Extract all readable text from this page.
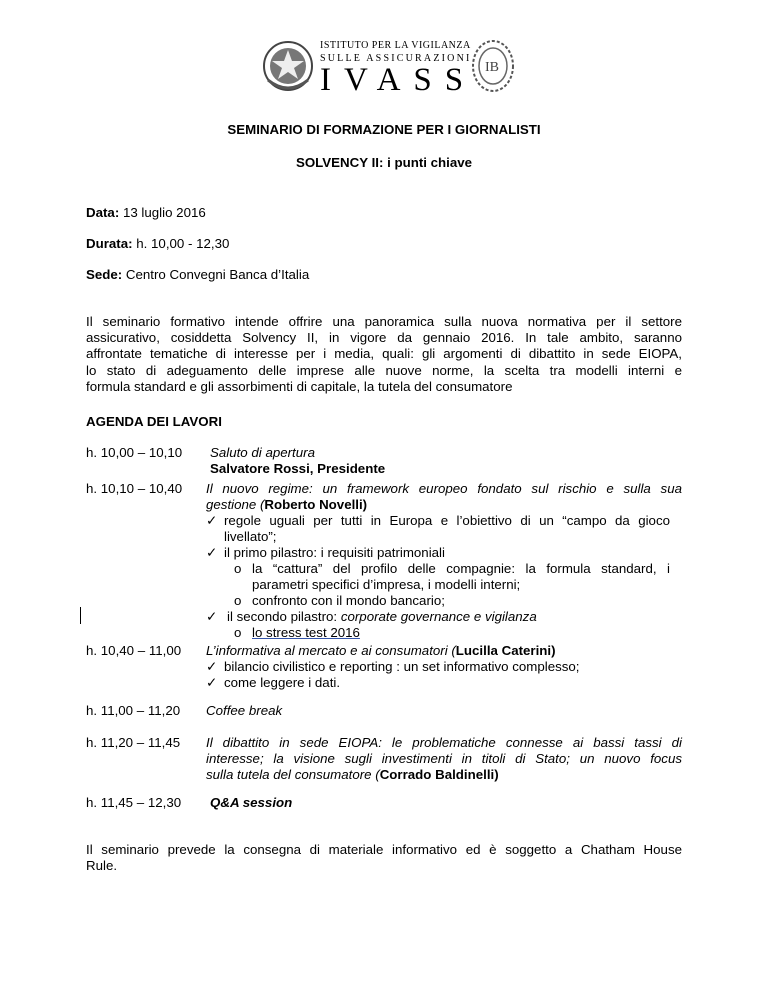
ISTITUTO PER LA VIGILANZA
SULLE ASSICURAZIONI
IVASS IB
SEMINARIO DI FORMAZIONE PER I GIORNALISTI
SOLVENCY II: i punti chiave
Data: 13 luglio 2016
Durata: h. 10,00 - 12,30
Sede: Centro Convegni Banca d’Italia
Il seminario formativo intende offrire una panoramica sulla nuova normativa per il settore
assicurativo, cosiddetta Solvency II, in vigore da gennaio 2016. In tale ambito, saranno
affrontate tematiche di interesse per i media, quali: gli argomenti di dibattito in sede EIOPA,
lo stato di adeguamento delle imprese alle nuove norme, la scelta tra modelli interni e
formula standard e gli assorbimenti di capitale, la tutela del consumatore
AGENDA DEI LAVORI
h. 10,00 – 10,10 Saluto di apertura
Salvatore Rossi, Presidente
h. 10,10 – 10,40 Il nuovo regime: un framework europeo fondato sul rischio e sulla sua
gestione (Roberto Novelli)
✓ regole uguali per tutti in Europa e l’obiettivo di un “campo da gioco
livellato”;
✓ il primo pilastro: i requisiti patrimoniali
o la “cattura” del profilo delle compagnie: la formula standard, i
parametri specifici d’impresa, i modelli interni;
o confronto con il mondo bancario;
✓ il secondo pilastro: corporate governance e vigilanza
o lo stress test 2016
h. 10,40 – 11,00 L’informativa al mercato e ai consumatori (Lucilla Caterini)
✓ bilancio civilistico e reporting : un set informativo complesso;
✓ come leggere i dati.
h. 11,00 – 11,20 Coffee break
h. 11,20 – 11,45 Il dibattito in sede EIOPA: le problematiche connesse ai bassi tassi di
interesse; la visione sugli investimenti in titoli di Stato; un nuovo focus
sulla tutela del consumatore (Corrado Baldinelli)
h. 11,45 – 12,30 Q&A session
Il seminario prevede la consegna di materiale informativo ed è soggetto a Chatham House
Rule.
